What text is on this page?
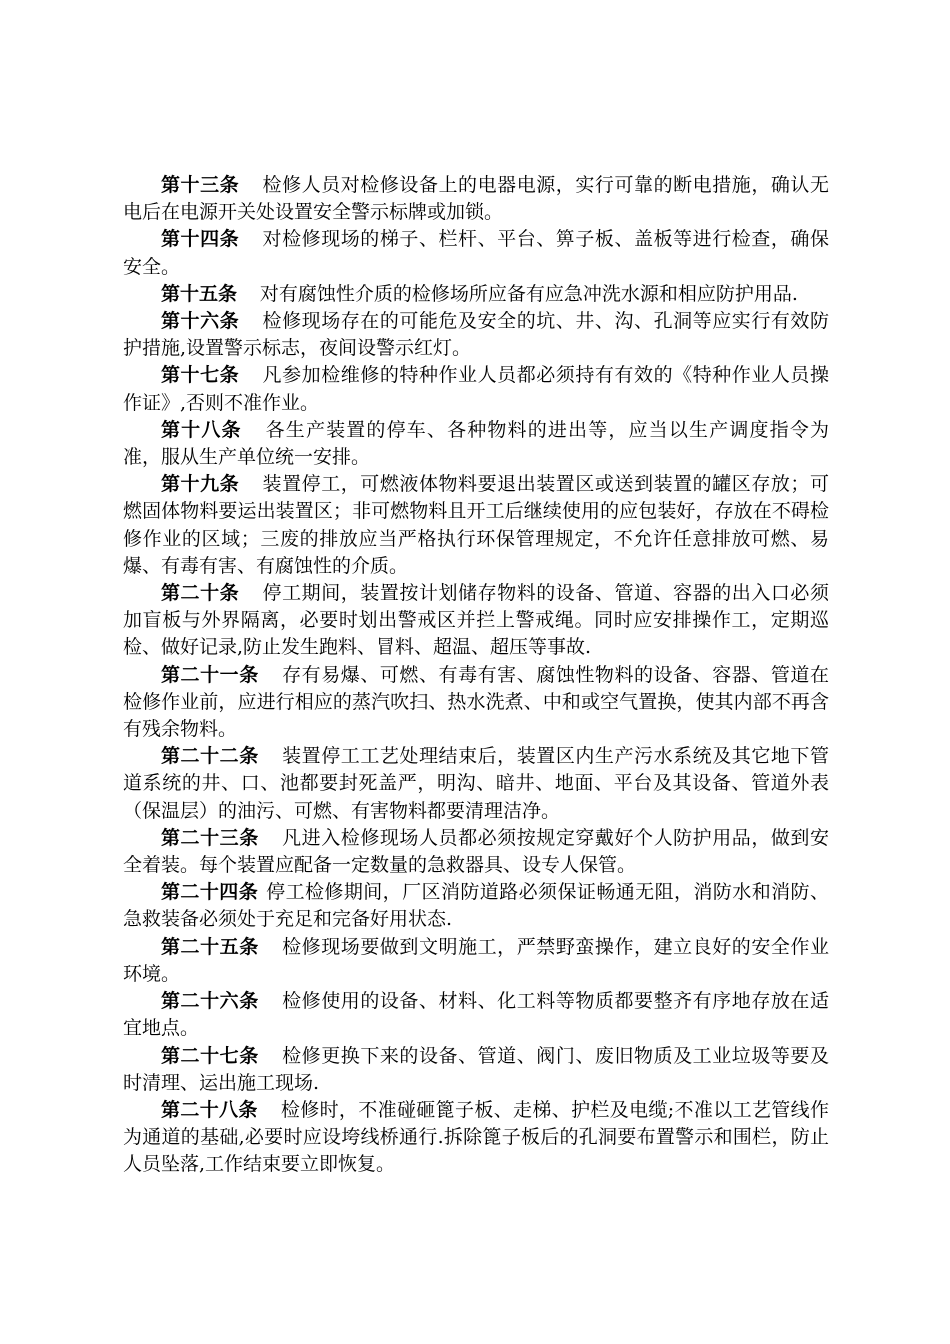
第十三条 检修人员对检修设备上的电器电源，实行可靠的断电措施，确认无电后在电源开关处设置安全警示标牌或加锁。

第十四条 对检修现场的梯子、栏杆、平台、箅子板、盖板等进行检查，确保安全。

第十五条 对有腐蚀性介质的检修场所应备有应急冲洗水源和相应防护用品.

第十六条 检修现场存在的可能危及安全的坑、井、沟、孔洞等应实行有效防护措施,设置警示标志，夜间设警示红灯。

第十七条 凡参加检维修的特种作业人员都必须持有有效的《特种作业人员操作证》,否则不准作业。

第十八条 各生产装置的停车、各种物料的进出等，应当以生产调度指令为准，服从生产单位统一安排。

第十九条 装置停工，可燃液体物料要退出装置区或送到装置的罐区存放；可燃固体物料要运出装置区；非可燃物料且开工后继续使用的应包装好，存放在不碍检修作业的区域；三废的排放应当严格执行环保管理规定，不允许任意排放可燃、易爆、有毒有害、有腐蚀性的介质。

第二十条 停工期间，装置按计划储存物料的设备、管道、容器的出入口必须加盲板与外界隔离，必要时划出警戒区并拦上警戒绳。同时应安排操作工，定期巡检、做好记录,防止发生跑料、冒料、超温、超压等事故.

第二十一条 存有易爆、可燃、有毒有害、腐蚀性物料的设备、容器、管道在检修作业前，应进行相应的蒸汽吹扫、热水洗煮、中和或空气置换，使其内部不再含有残余物料。

第二十二条 装置停工工艺处理结束后，装置区内生产污水系统及其它地下管道系统的井、口、池都要封死盖严，明沟、暗井、地面、平台及其设备、管道外表（保温层）的油污、可燃、有害物料都要清理洁净。

第二十三条 凡进入检修现场人员都必须按规定穿戴好个人防护用品，做到安全着装。每个装置应配备一定数量的急救器具、设专人保管。

第二十四条 停工检修期间，厂区消防道路必须保证畅通无阻，消防水和消防、急救装备必须处于充足和完备好用状态.

第二十五条 检修现场要做到文明施工，严禁野蛮操作，建立良好的安全作业环境。

第二十六条 检修使用的设备、材料、化工料等物质都要整齐有序地存放在适宜地点。

第二十七条 检修更换下来的设备、管道、阀门、废旧物质及工业垃圾等要及时清理、运出施工现场.

第二十八条 检修时，不准碰砸篦子板、走梯、护栏及电缆;不准以工艺管线作为通道的基础,必要时应设垮线桥通行.拆除篦子板后的孔洞要布置警示和围栏，防止人员坠落,工作结束要立即恢复。
